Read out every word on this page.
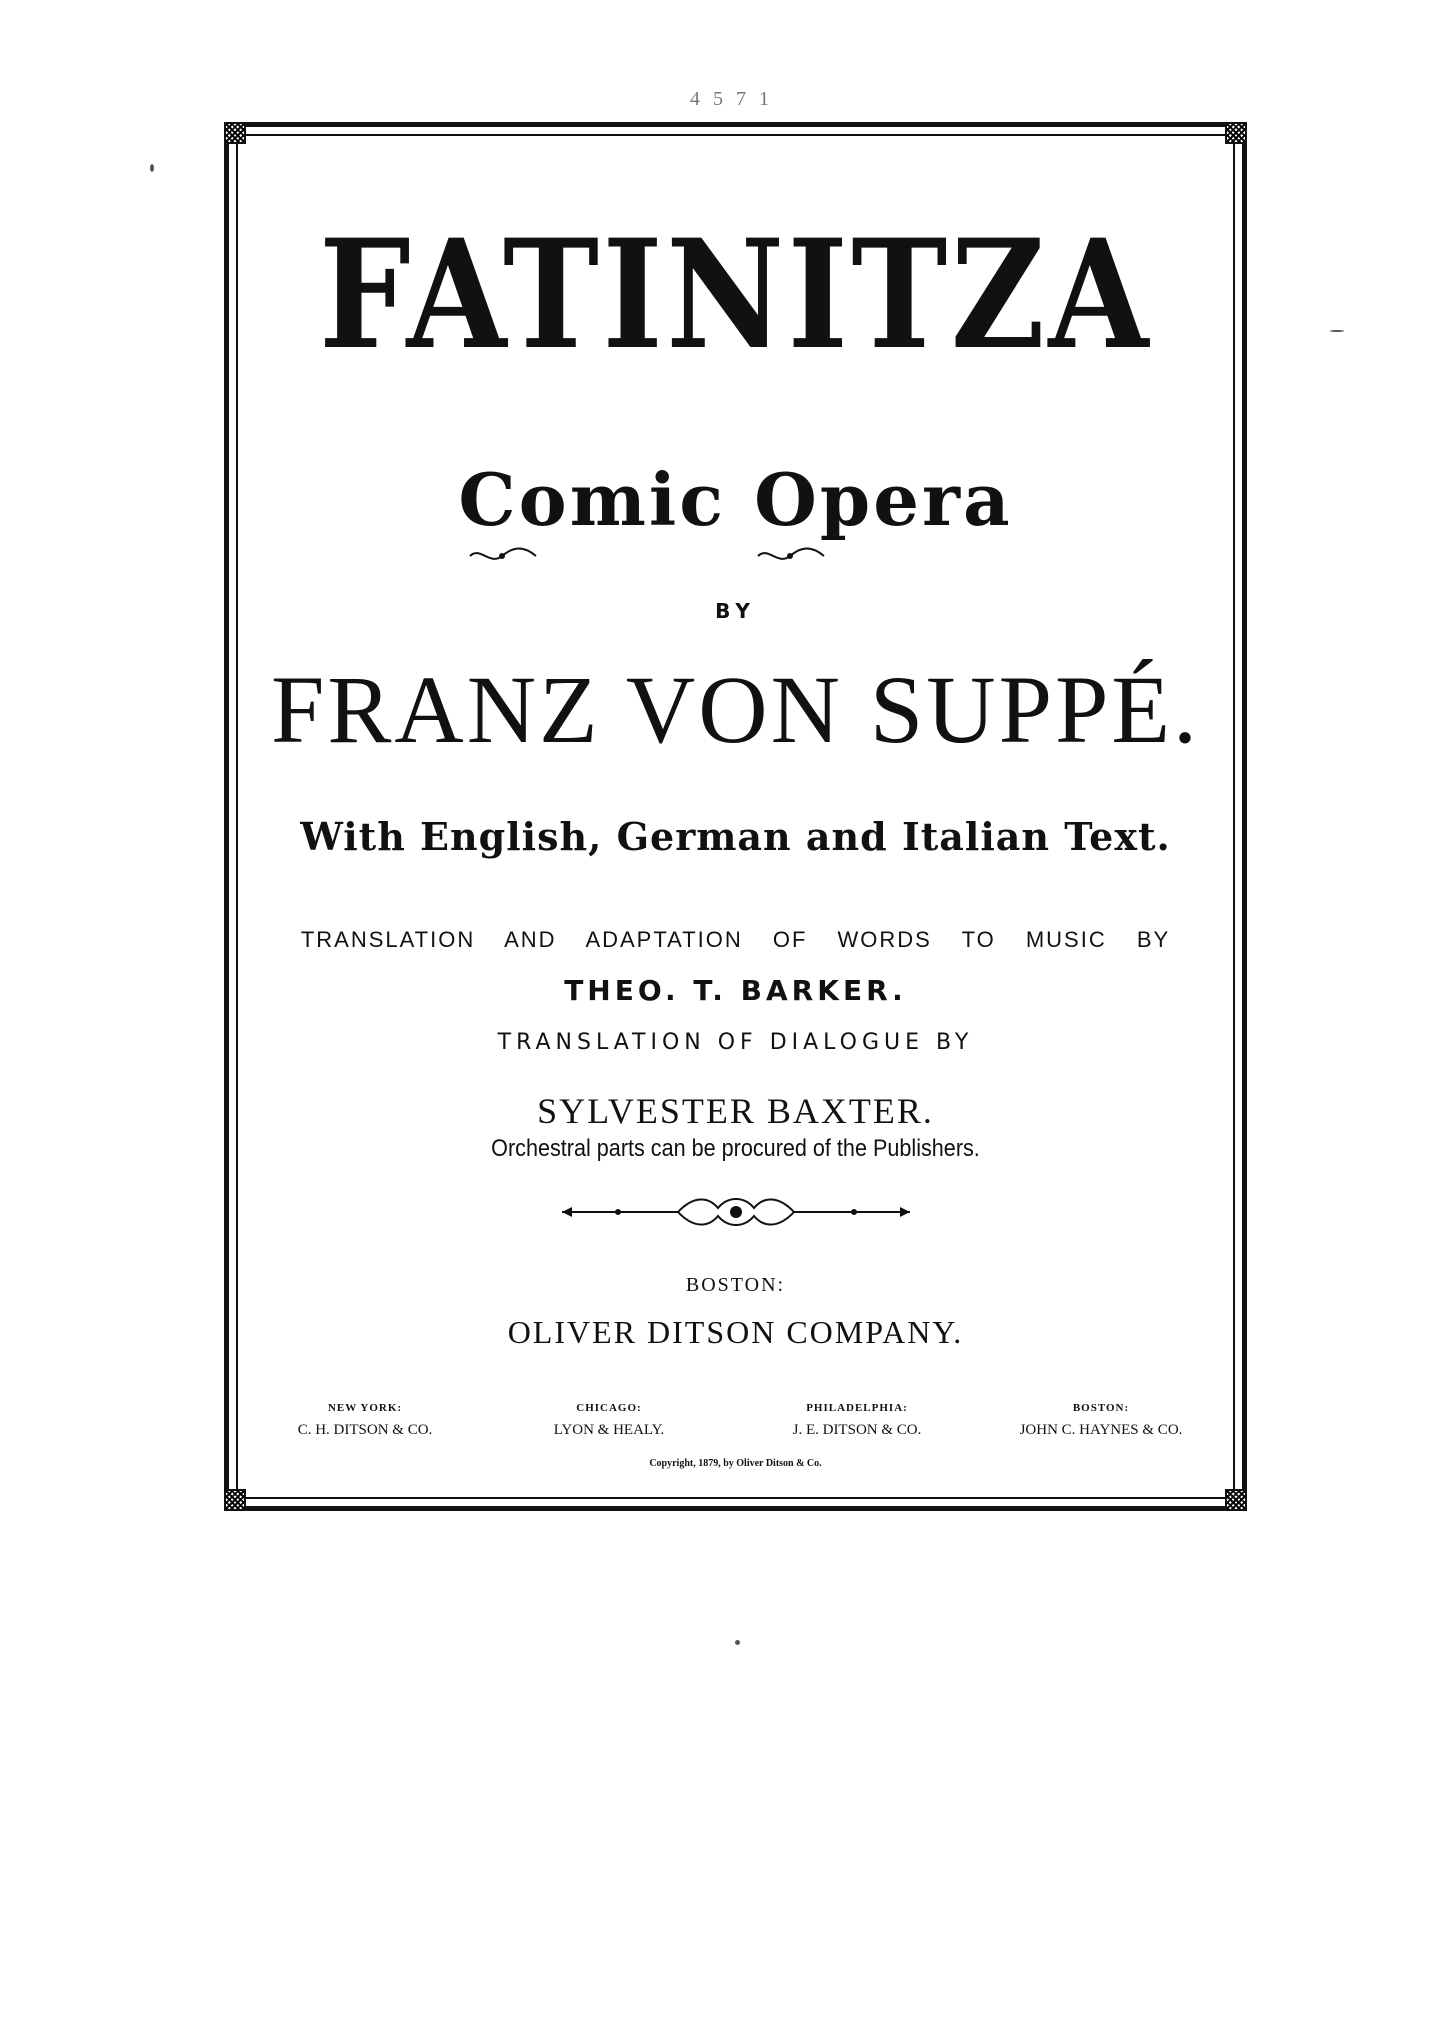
4 5 7 1
FATINITZA
Comic Opera
BY
FRANZ VON SUPPÉ.
With English, German and Italian Text.
TRANSLATION AND ADAPTATION OF WORDS TO MUSIC BY
THEO. T. BARKER.
TRANSLATION OF DIALOGUE BY
SYLVESTER BAXTER.
Orchestral parts can be procured of the Publishers.
BOSTON:
OLIVER DITSON COMPANY.
NEW YORK:
C. H. DITSON & CO.
CHICAGO:
LYON & HEALY.
PHILADELPHIA:
J. E. DITSON & CO.
BOSTON:
JOHN C. HAYNES & CO.
Copyright, 1879, by Oliver Ditson & Co.
